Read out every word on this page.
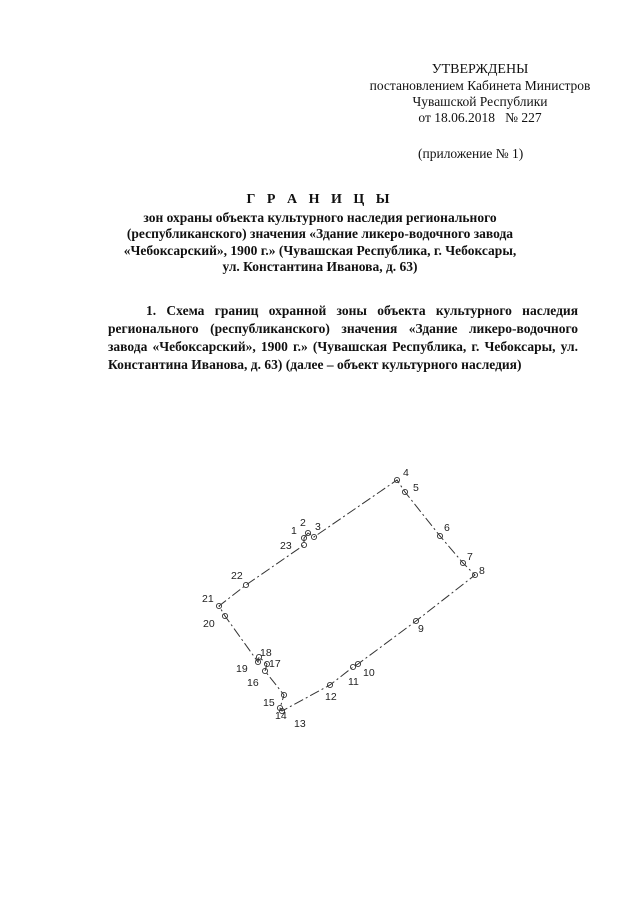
УТВЕРЖДЕНЫ
постановлением Кабинета Министров
Чувашской Республики
от 18.06.2018   № 227
(приложение № 1)
Г Р А Н И Ц Ы
зон охраны объекта культурного наследия регионального
(республиканского) значения «Здание ликеро-водочного завода
«Чебоксарский», 1900 г.» (Чувашская Республика, г. Чебоксары,
ул. Константина Иванова, д. 63)
1. Схема границ охранной зоны объекта культурного наследия регионального (республиканского) значения «Здание ликеро-водочного завода «Чебоксарский», 1900 г.» (Чувашская Республика, г. Чебоксары, ул. Константина Иванова, д. 63) (далее – объект культурного наследия)
1
2 3
4
5
6
7
8
9
10
11
12
13
14
15
16
17
18
19
20
21
22
23
